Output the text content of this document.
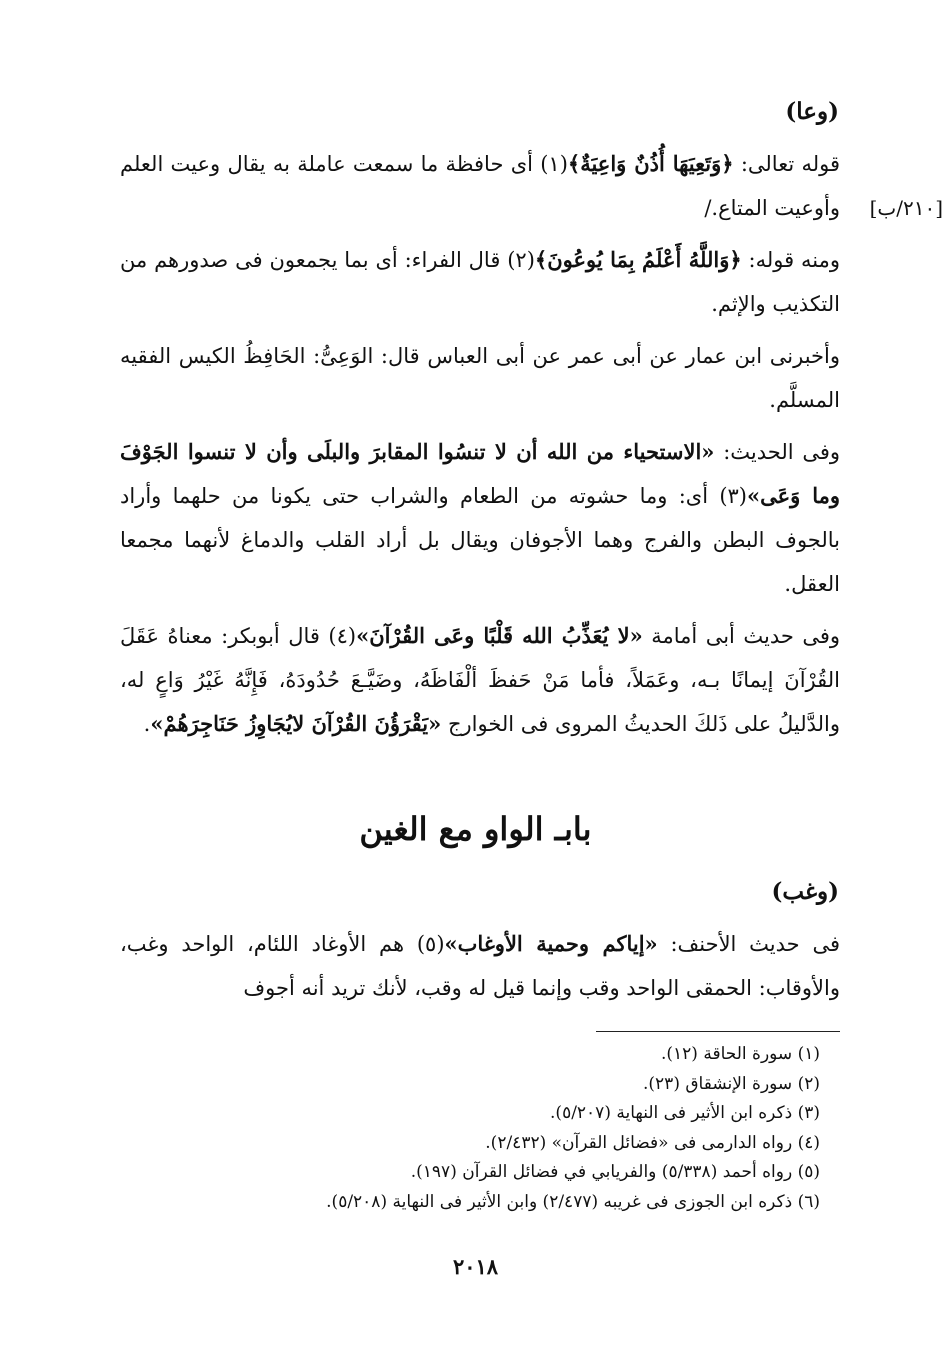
(وعا)
[٢١٠/ب]

قوله تعالى: ﴿وَتَعِيَهَا أُذُنٌ وَاعِيَةٌ﴾(١) أى حافظة ما سمعت عاملة به يقال وعيت العلم وأوعيت المتاع./

ومنه قوله: ﴿وَاللَّهُ أَعْلَمُ بِمَا يُوعُونَ﴾(٢) قال الفراء: أى بما يجمعون فى صدورهم من التكذيب والإثم.

وأخبرنى ابن عمار عن أبى عمر عن أبى العباس قال: الوَعِىُّ: الحَافِظُ الكيس الفقيه المسلَّم.

وفى الحديث: «الاستحياء من الله أن لا تنسُوا المقابرَ والبلَى وأن لا تنسوا الجَوْفَ وما وَعَى»(٣) أى: وما حشوته من الطعام والشراب حتى يكونا من حلهما وأراد بالجوف البطن والفرج وهما الأجوفان ويقال بل أراد القلب والدماغ لأنهما مجمعا العقل.

وفى حديث أبى أمامة «لا يُعَذِّبُ الله قَلْبًا وعَى القُرْآنَ»(٤) قال أبوبكر: معناهُ عَقَلَ القُرْآنَ إيمانًا بـه، وعَمَلاً، فأما مَنْ حَفظَ ألْفَاظَهُ، وضَيَّـعَ حُدُودَهُ، فَإِنَّهُ غَيْرُ وَاعٍ له، والدَّليلُ على ذَلكَ الحديثُ المروى فى الخوارج «يَقْرَؤُنَ القُرْآنَ لايُجَاوِزُ حَنَاجِرَهُمْ».

بابـ الواو مع الغين
(وغب)

فى حديث الأحنف: «إياكم وحمية الأوغاب»(٥) هم الأوغاد اللئام، الواحد وغب، والأوقاب: الحمقى الواحد وقب وإنما قيل له وقب، لأنك تريد أنه أجوف

(١) سورة الحاقة (١٢).
(٢) سورة الإنشقاق (٢٣).
(٣) ذكره ابن الأثير فى النهاية (٥/٢٠٧).
(٤) رواه الدارمى فى «فضائل القرآن» (٢/٤٣٢).
(٥) رواه أحمد (٥/٣٣٨) والفريابي في فضائل القرآن (١٩٧).
(٦) ذكره ابن الجوزى فى غريبه (٢/٤٧٧) وابن الأثير فى النهاية (٥/٢٠٨).
٢٠١٨
